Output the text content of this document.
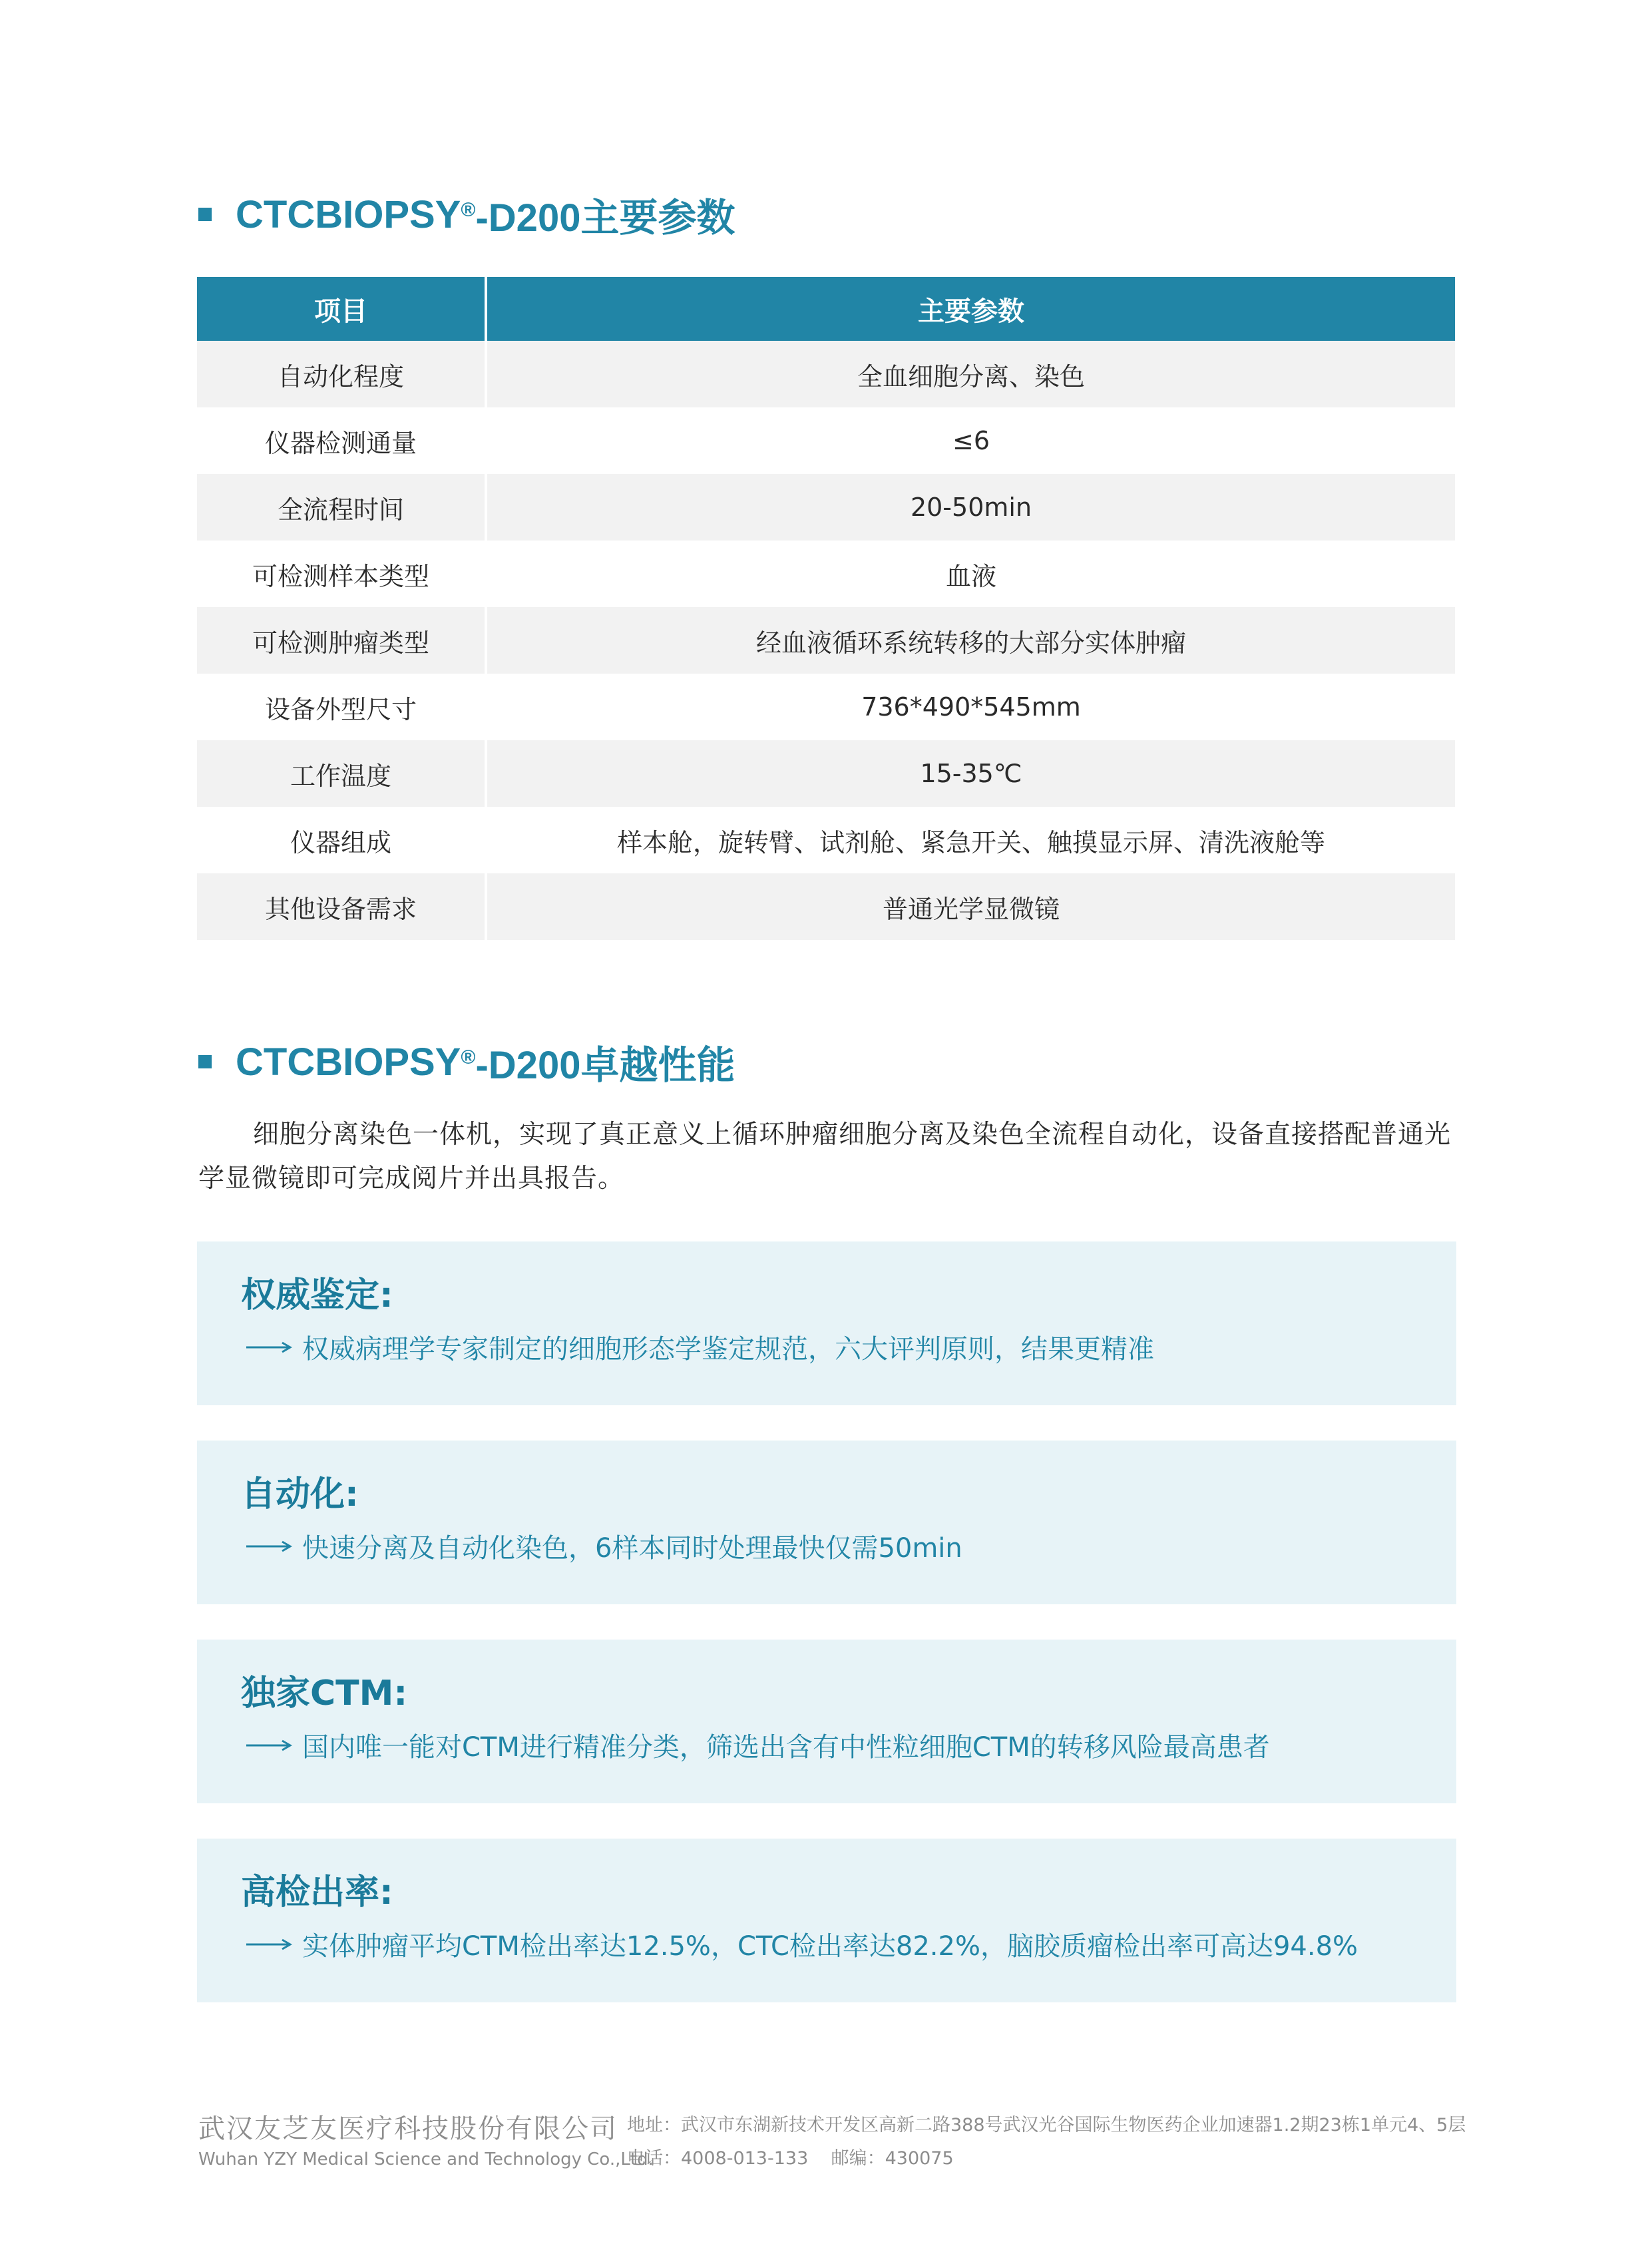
CTCBIOPSY® -D200主要参数
项目	主要参数
自动化程度	全血细胞分离、染色
仪器检测通量	≤6
全流程时间	20-50min
可检测样本类型	血液
可检测肿瘤类型	经血液循环系统转移的大部分实体肿瘤
设备外型尺寸	736*490*545mm
工作温度	15-35℃
仪器组成	样本舱，旋转臂、试剂舱、紧急开关、触摸显示屏、清洗液舱等
其他设备需求	普通光学显微镜
CTCBIOPSY® -D200卓越性能
细胞分离染色一体机，实现了真正意义上循环肿瘤细胞分离及染色全流程自动化，设备直接搭配普通光学显微镜即可完成阅片并出具报告。
权威鉴定:
权威病理学专家制定的细胞形态学鉴定规范，六大评判原则，结果更精准
自动化:
快速分离及自动化染色，6样本同时处理最快仅需50min
独家CTM:
国内唯一能对CTM进行精准分类，筛选出含有中性粒细胞CTM的转移风险最高患者
高检出率:
实体肿瘤平均CTM检出率达12.5%，CTC检出率达82.2%，脑胶质瘤检出率可高达94.8%
武汉友芝友医疗科技股份有限公司
Wuhan YZY Medical Science and Technology Co.,Ltd.
地址：武汉市东湖新技术开发区高新二路388号武汉光谷国际生物医药企业加速器1.2期23栋1单元4、5层
电话：4008-013-133    邮编：430075
